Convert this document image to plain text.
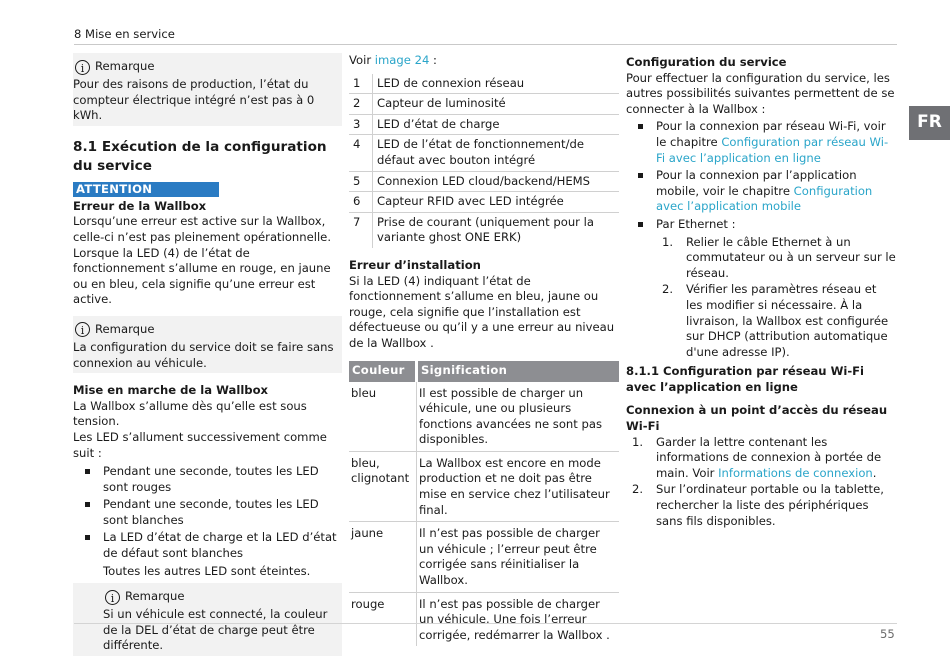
8 Mise en service
FR
i Remarque

Pour des raisons de production, l’état du compteur électrique intégré n’est pas à 0 kWh.

8.1 Exécution de la configuration du service
ATTENTION
Erreur de la Wallbox

Lorsqu’une erreur est active sur la Wallbox, celle-ci n’est pas pleinement opérationnelle. Lorsque la LED (4) de l’état de fonctionnement s’allume en rouge, en jaune ou en bleu, cela signifie qu’une erreur est active.

i Remarque

La configuration du service doit se faire sans connexion au véhicule.

Mise en marche de la Wallbox

La Wallbox s’allume dès qu’elle est sous tension.

Les LED s’allument successivement comme suit :

Pendant une seconde, toutes les LED sont rouges
Pendant une seconde, toutes les LED sont blanches
La LED d’état de charge et la LED d’état de défaut sont blanches

Toutes les autres LED sont éteintes.

i Remarque

Si un véhicule est connecté, la couleur de la DEL d’état de charge peut être différente.

Voir image 24 :

1	LED de connexion réseau
2	Capteur de luminosité
3	LED d’état de charge
4	LED de l’état de fonctionnement/de défaut avec bouton intégré
5	Connexion LED cloud/backend/HEMS
6	Capteur RFID avec LED intégrée
7	Prise de courant (uniquement pour la variante ghost ONE ERK)
Erreur d’installation

Si la LED (4) indiquant l’état de fonctionnement s’allume en bleu, jaune ou rouge, cela signifie que l’installation est défectueuse ou qu’il y a une erreur au niveau de la Wallbox .

Couleur	Signification
bleu	Il est possible de charger un véhicule, une ou plusieurs fonctions avancées ne sont pas disponibles.
bleu, clignotant	La Wallbox est encore en mode production et ne doit pas être mise en service chez l’utilisateur final.
jaune	Il n’est pas possible de charger un véhicule ; l’erreur peut être corrigée sans réinitialiser la Wallbox.
rouge	Il n’est pas possible de charger un véhicule. Une fois l’erreur corrigée, redémarrer la Wallbox .
Configuration du service

Pour effectuer la configuration du service, les autres possibilités suivantes permettent de se connecter à la Wallbox :

Pour la connexion par réseau Wi-Fi, voir le chapitre Configuration par réseau Wi-Fi avec l’application en ligne
Pour la connexion par l’application mobile, voir le chapitre Configuration avec l’application mobile
Par Ethernet :
1. Relier le câble Ethernet à un commutateur ou à un serveur sur le réseau.
2. Vérifier les paramètres réseau et les modifier si nécessaire. À la livraison, la Wallbox est configurée sur DHCP (attribution automatique d'une adresse IP).
8.1.1 Configuration par réseau Wi-Fi avec l’application en ligne
Connexion à un point d’accès du réseau Wi-Fi
1. Garder la lettre contenant les informations de connexion à portée de main. Voir Informations de connexion.
2. Sur l’ordinateur portable ou la tablette, rechercher la liste des périphériques sans fils disponibles.
55
